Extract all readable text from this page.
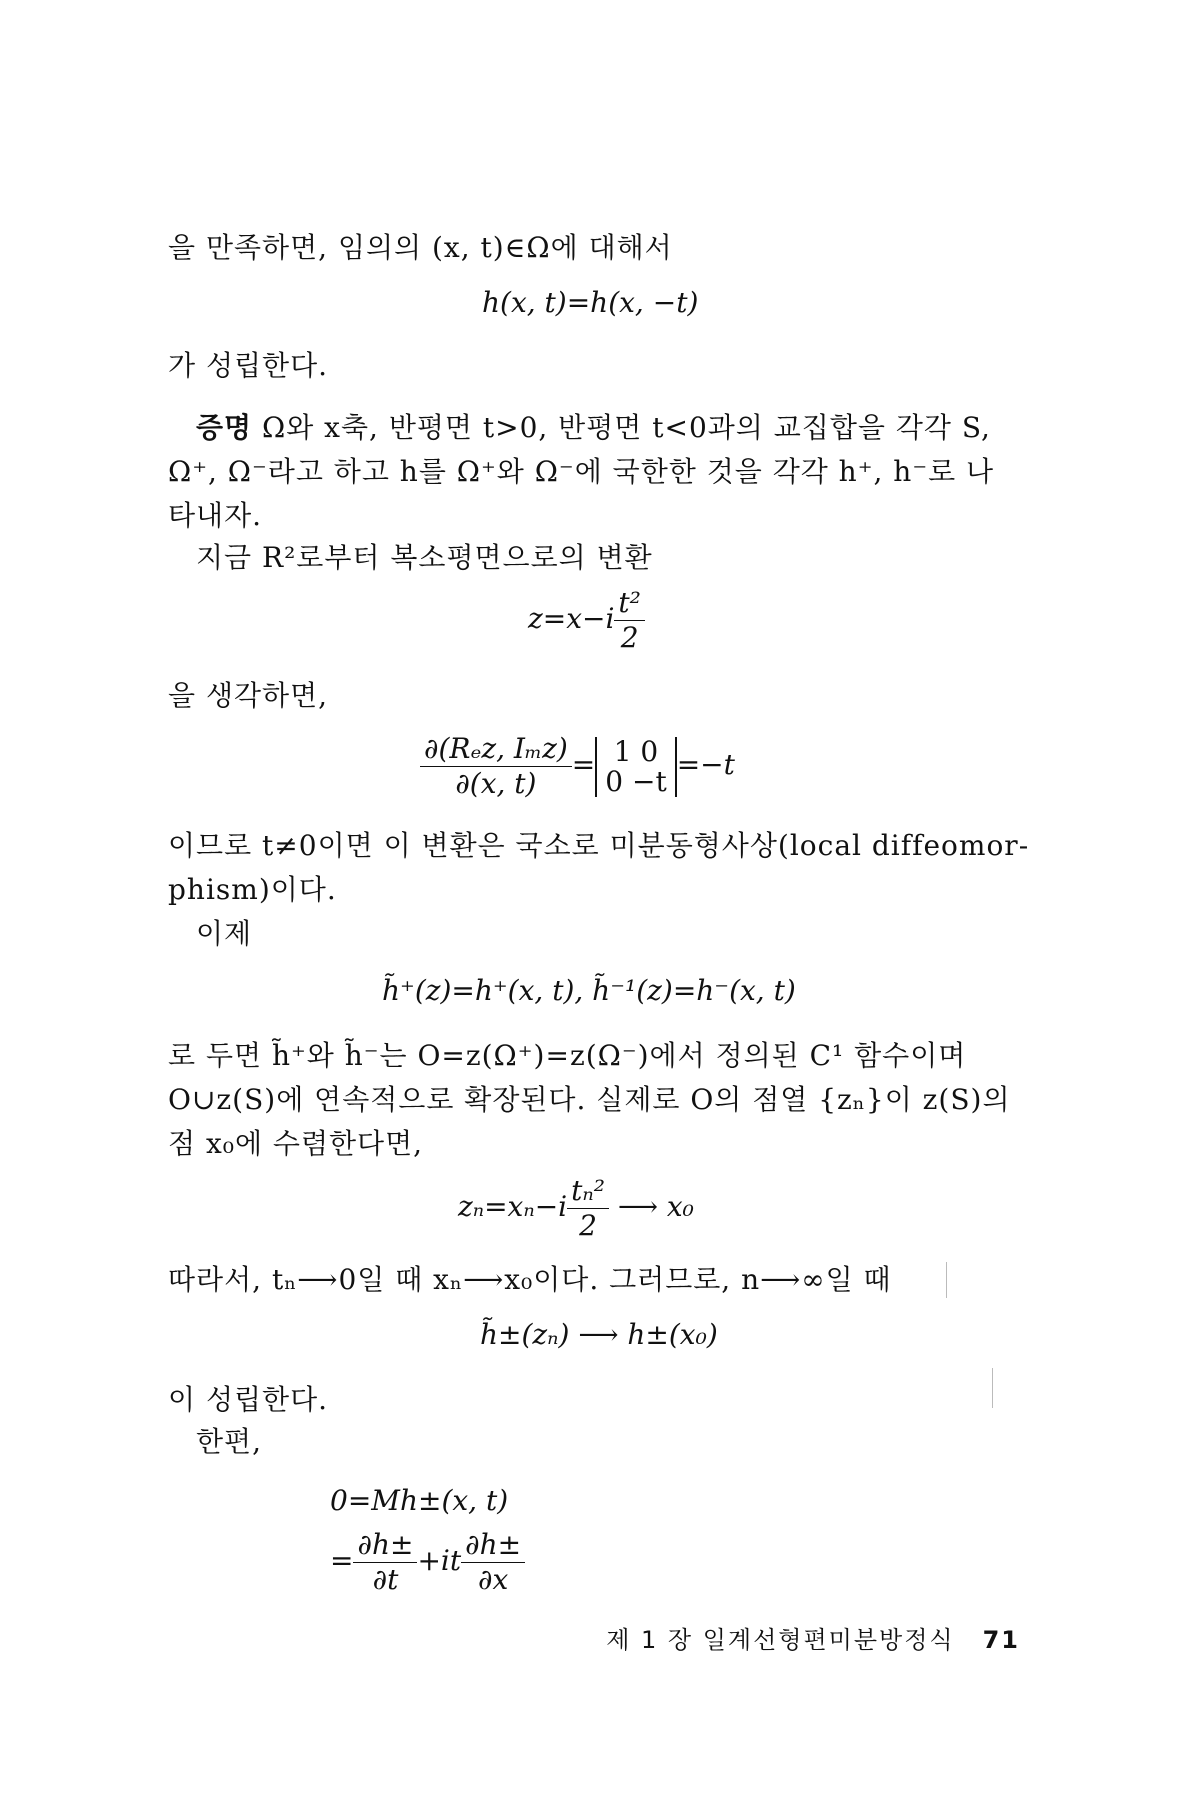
을 만족하면, 임의의 (x, t)∈Ω에 대해서
h(x, t)=h(x, −t)
가 성립한다.
증명 Ω와 x축, 반평면 t>0, 반평면 t<0과의 교집합을 각각 S,
Ω⁺, Ω⁻라고 하고 h를 Ω⁺와 Ω⁻에 국한한 것을 각각 h⁺, h⁻로 나
타내자.
지금 R²로부터 복소평면으로의 변환
$z=x-i \frac{\text{t²}}{2}$
을 생각하면,
$\frac{\text{∂(Rₑz, Iₘz)}}{\partial(x, t)} = 1$ 0
0 −t =−t
이므로 t≠0이면 이 변환은 국소로 미분동형사상(local diffeomor-
phism)이다.
이제
h̃⁺(z)=h⁺(x, t), h̃⁻¹(z)=h⁻(x, t)
로 두면 h̃⁺와 h̃⁻는 O=z(Ω⁺)=z(Ω⁻)에서 정의된 C¹ 함수이며
O∪z(S)에 연속적으로 확장된다. 실제로 O의 점열 {zₙ}이 z(S)의
점 x₀에 수렴한다면,
$z_n=x_n-i \frac{\text{tₙ²}}{2}$ ⟶ x₀
따라서, tₙ⟶0일 때 xₙ⟶x₀이다. 그러므로, n⟶∞일 때
h̃±(zₙ) ⟶ h±(x₀)
이 성립한다.
한편,
0=Mh±(x, t)
= $\frac{\partial h\pm}{\partial t} +it \frac{\partial h\pm}{\partial x}$
제 1 장 일계선형편미분방정식 71
